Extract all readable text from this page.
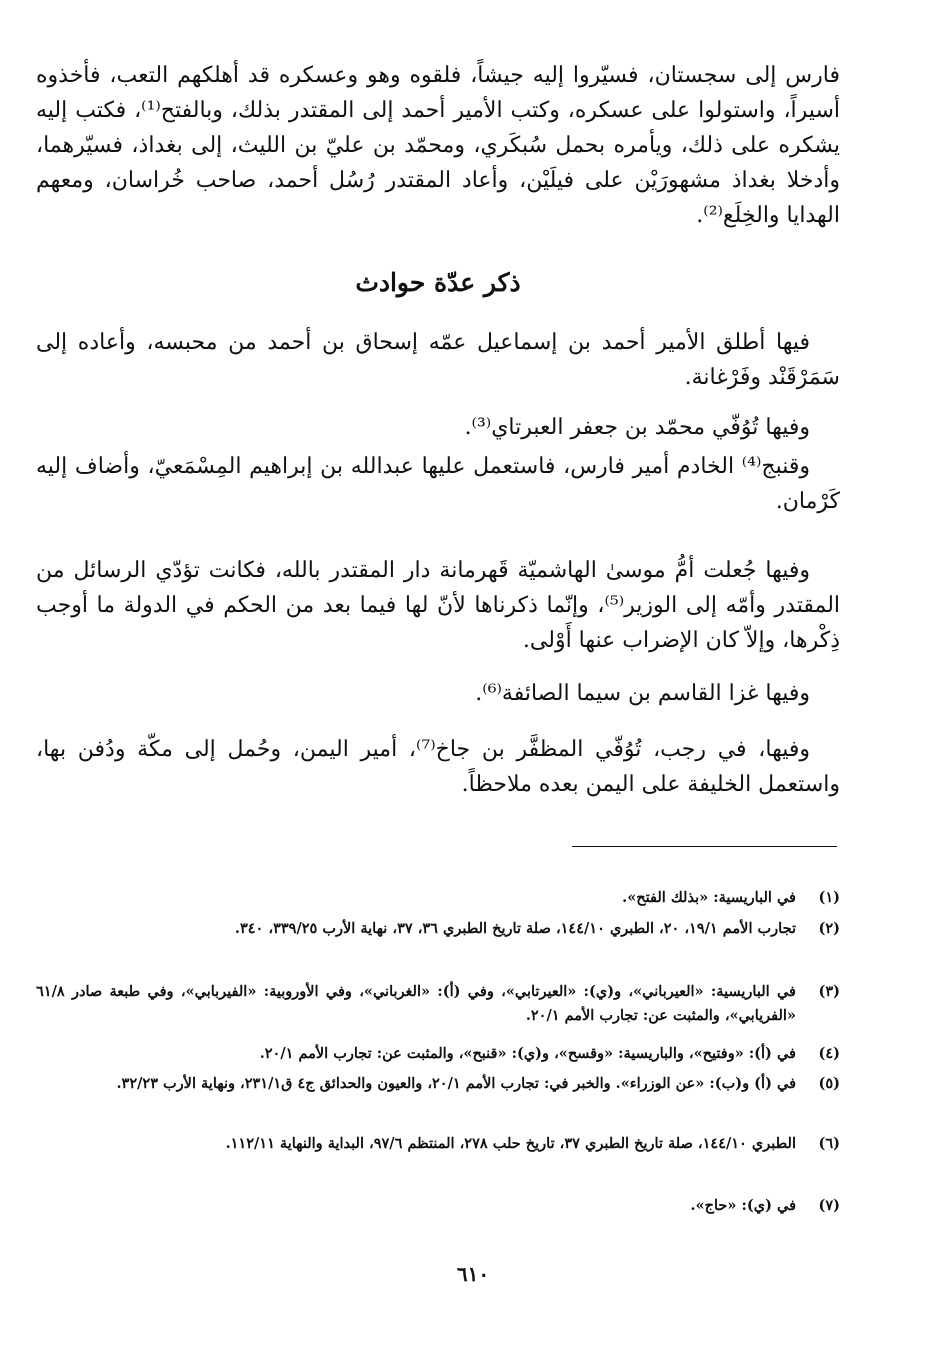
فارس إلى سجستان، فسيّروا إليه جيشاً، فلقوه وهو وعسكره قد أهلكهم التعب، فأخذوه أسيراً، واستولوا على عسكره، وكتب الأمير أحمد إلى المقتدر بذلك، وبالفتح⁽¹⁾، فكتب إليه يشكره على ذلك، ويأمره بحمل سُبكَري، ومحمّد بن عليّ بن الليث، إلى بغداذ، فسيّرهما، وأدخلا بغداذ مشهورَيْن على فيلَيْن، وأعاد المقتدر رُسُل أحمد، صاحب خُراسان، ومعهم الهدايا والخِلَع⁽²⁾.

ذكر عدّة حوادث

فيها أطلق الأمير أحمد بن إسماعيل عمّه إسحاق بن أحمد من محبسه، وأعاده إلى سَمَرْقَنْد وفَرْغانة.

وفيها تُوُفّي محمّد بن جعفر العبرتاي⁽³⁾.

وقنبج⁽⁴⁾ الخادم أمير فارس، فاستعمل عليها عبدالله بن إبراهيم المِسْمَعيّ، وأضاف إليه كَرْمان.

وفيها جُعلت أمُّ موسىٰ الهاشميّة قَهرمانة دار المقتدر بالله، فكانت تؤدّي الرسائل من المقتدر وأمّه إلى الوزير⁽⁵⁾، وإنّما ذكرناها لأنّ لها فيما بعد من الحكم في الدولة ما أوجب ذِكْرها، وإلاّ كان الإضراب عنها أَوْلى.

وفيها غزا القاسم بن سيما الصائفة⁽⁶⁾.

وفيها، في رجب، تُوُفّي المظفَّر بن جاخ⁽⁷⁾، أمير اليمن، وحُمل إلى مكّة ودُفن بها، واستعمل الخليفة على اليمن بعده ملاحظاً.

(١)
في الباريسية: «بذلك الفتح».
(٢)
تجارب الأمم ١٩/١، ٢٠، الطبري ١٤٤/١٠، صلة تاريخ الطبري ٣٦، ٣٧، نهاية الأرب ٣٣٩/٢٥، ٣٤٠.
(٣)
في الباريسية: «العيرباني»، و(ي): «العيرتابي»، وفي (أ): «الغرباني»، وفي الأوروبية: «الفيربابي»، وفي طبعة صادر ٦١/٨ «الفريابي»، والمثبت عن: تجارب الأمم ٢٠/١.
(٤)
في (أ): «وفتيح»، والباريسية: «وقسح»، و(ي): «قنبح»، والمثبت عن: تجارب الأمم ٢٠/١.
(٥)
في (أ) و(ب): «عن الوزراء». والخبر في: تجارب الأمم ٢٠/١، والعيون والحدائق ج٤ ق٢٣١/١، ونهاية الأرب ٣٢/٢٣.
(٦)
الطبري ١٤٤/١٠، صلة تاريخ الطبري ٣٧، تاريخ حلب ٢٧٨، المنتظم ٩٧/٦، البداية والنهاية ١١٢/١١.
(٧)
في (ي): «حاج».
٦١٠
